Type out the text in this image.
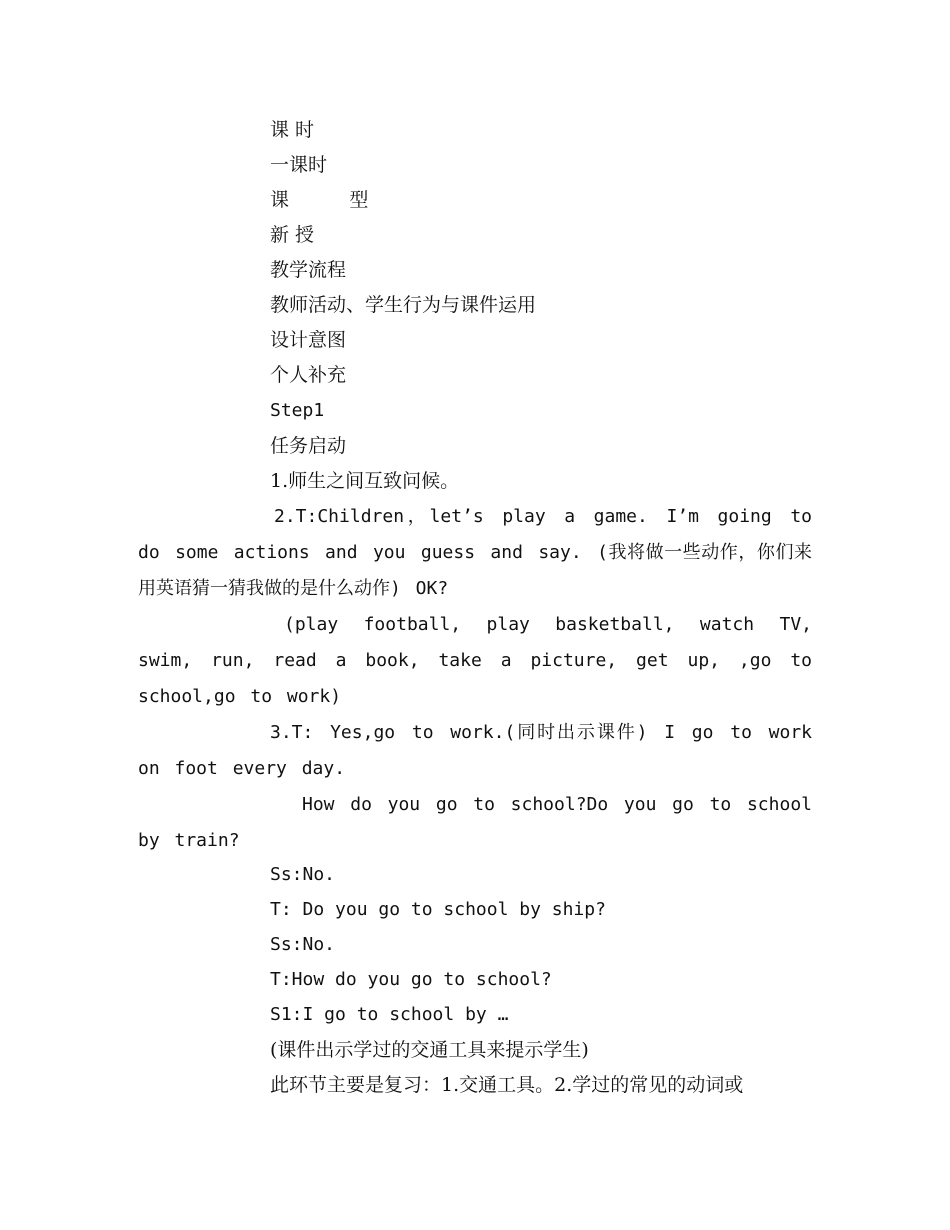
课 时
一课时
课          型
新 授
教学流程
教师活动、学生行为与课件运用
设计意图
个人补充
Step1
任务启动
1.师生之间互致问候。
2.T:Children，let’s play a game. I’m going to do some actions and you guess and say. (我将做一些动作，你们来用英语猜一猜我做的是什么动作) OK?
(play football, play basketball, watch TV, swim, run, read a book, take a picture, get up, ,go to school,go to work)
3.T: Yes,go to work.(同时出示课件) I go to work on foot every day.
How do you go to school?Do you go to school by train?
Ss:No.
T: Do you go to school by ship?
Ss:No.
T:How do you go to school?
S1:I go to school by …
(课件出示学过的交通工具来提示学生)
此环节主要是复习：1.交通工具。2.学过的常见的动词或
